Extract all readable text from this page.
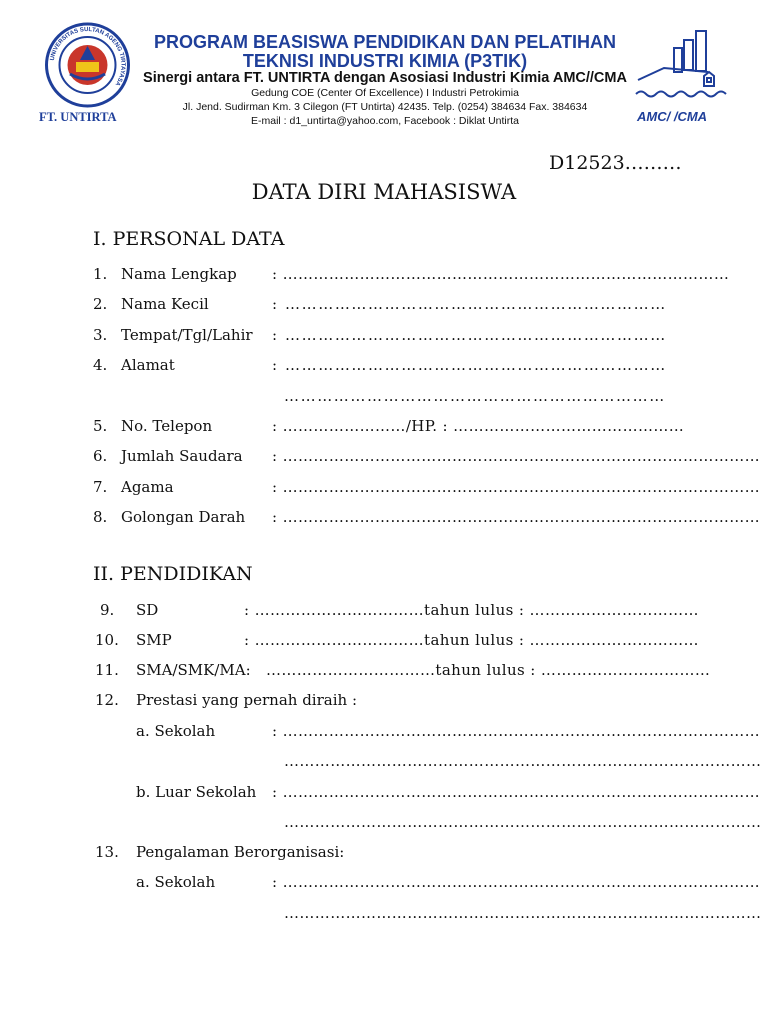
UNIVERSITAS SULTAN AGENG TIRTAYASA
FT. UNTIRTA
PROGRAM BEASISWA PENDIDIKAN DAN PELATIHAN
TEKNISI INDUSTRI KIMIA (P3TIK)
Sinergi antara FT. UNTIRTA dengan Asosiasi Industri Kimia AMC//CMA
Gedung COE (Center Of Excellence) I Industri Petrokimia
Jl. Jend. Sudirman Km. 3 Cilegon (FT Untirta) 42435. Telp. (0254) 384634 Fax. 384634
E-mail : d1_untirta@yahoo.com, Facebook : Diklat Untirta	AMC/ /CMA
D12523………
DATA DIRI MAHASISWA
I. PERSONAL DATA
1. Nama Lengkap : ……………………………………………………………………………
2. Nama Kecil	: ……………………………………………………………
3. Tempat/Tgl/Lahir : ……………………………………………………………
4. Alamat	: ……………………………………………………………
……………………………………………………………
5. No. Telepon	: ……………………/HP. : ………………………………………
6. Jumlah Saudara : …………………………………………………………………………………
7. Agama	: …………………………………………………………………………………
8. Golongan Darah : …………………………………………………………………………………
II. PENDIDIKAN
9. SD	: ……………………………tahun lulus : ……………………………
10. SMP	: ……………………………tahun lulus : ……………………………
11. SMA/SMK/MA: ……………………………tahun lulus : ……………………………
12. Prestasi yang pernah diraih :
a. Sekolah	: …………………………………………………………………………………
…………………………………………………………………………………
b. Luar Sekolah : …………………………………………………………………………………
…………………………………………………………………………………
13. Pengalaman Berorganisasi:
a. Sekolah	: …………………………………………………………………………………
…………………………………………………………………………………
